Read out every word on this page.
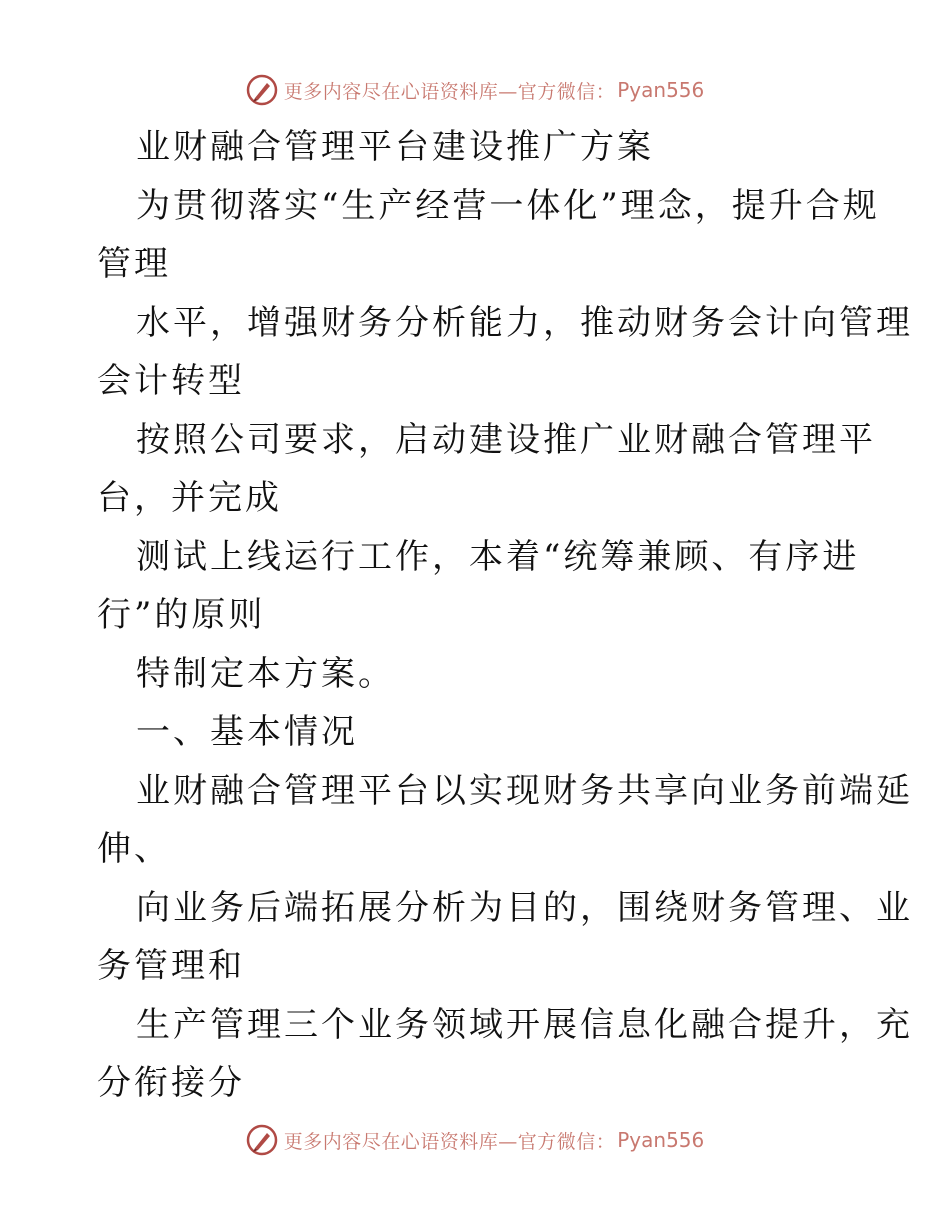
更多内容尽在心语资料库—官方微信： Pyan556
业财融合管理平台建设推广方案
为贯彻落实“生产经营一体化”理念，提升合规
管理
水平，增强财务分析能力，推动财务会计向管理
会计转型
按照公司要求，启动建设推广业财融合管理平
台，并完成
测试上线运行工作，本着“统筹兼顾、有序进
行”的原则
特制定本方案。
一、基本情况
业财融合管理平台以实现财务共享向业务前端延
伸、
向业务后端拓展分析为目的，围绕财务管理、业
务管理和
生产管理三个业务领域开展信息化融合提升，充
分衔接分
更多内容尽在心语资料库—官方微信： Pyan556
